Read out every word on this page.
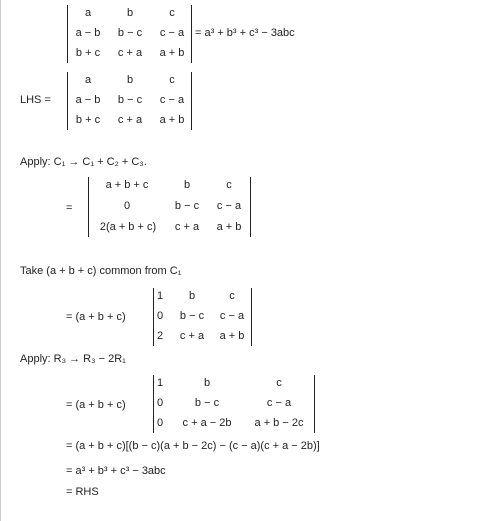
a	b	c
a − b	b − c	c − a
b + c	c + a	a + b
= a³ + b³ + c³ − 3abc
LHS =
a	b	c
a − b	b − c	c − a
b + c	c + a	a + b
Apply: C₁ → C₁ + C₂ + C₃.
=
a + b + c	b	c
0	b − c	c − a
2(a + b + c)	c + a	a + b
Take (a + b + c) common from C₁
= (a + b + c)
1	b	c
0	b − c	c − a
2	c + a	a + b
Apply: R₃ → R₃ − 2R₁
= (a + b + c)
1	b	c
0	b − c	c − a
0	c + a − 2b	a + b − 2c
= (a + b + c)[(b − c)(a + b − 2c) − (c − a)(c + a − 2b)]
= a³ + b³ + c³ − 3abc
= RHS
